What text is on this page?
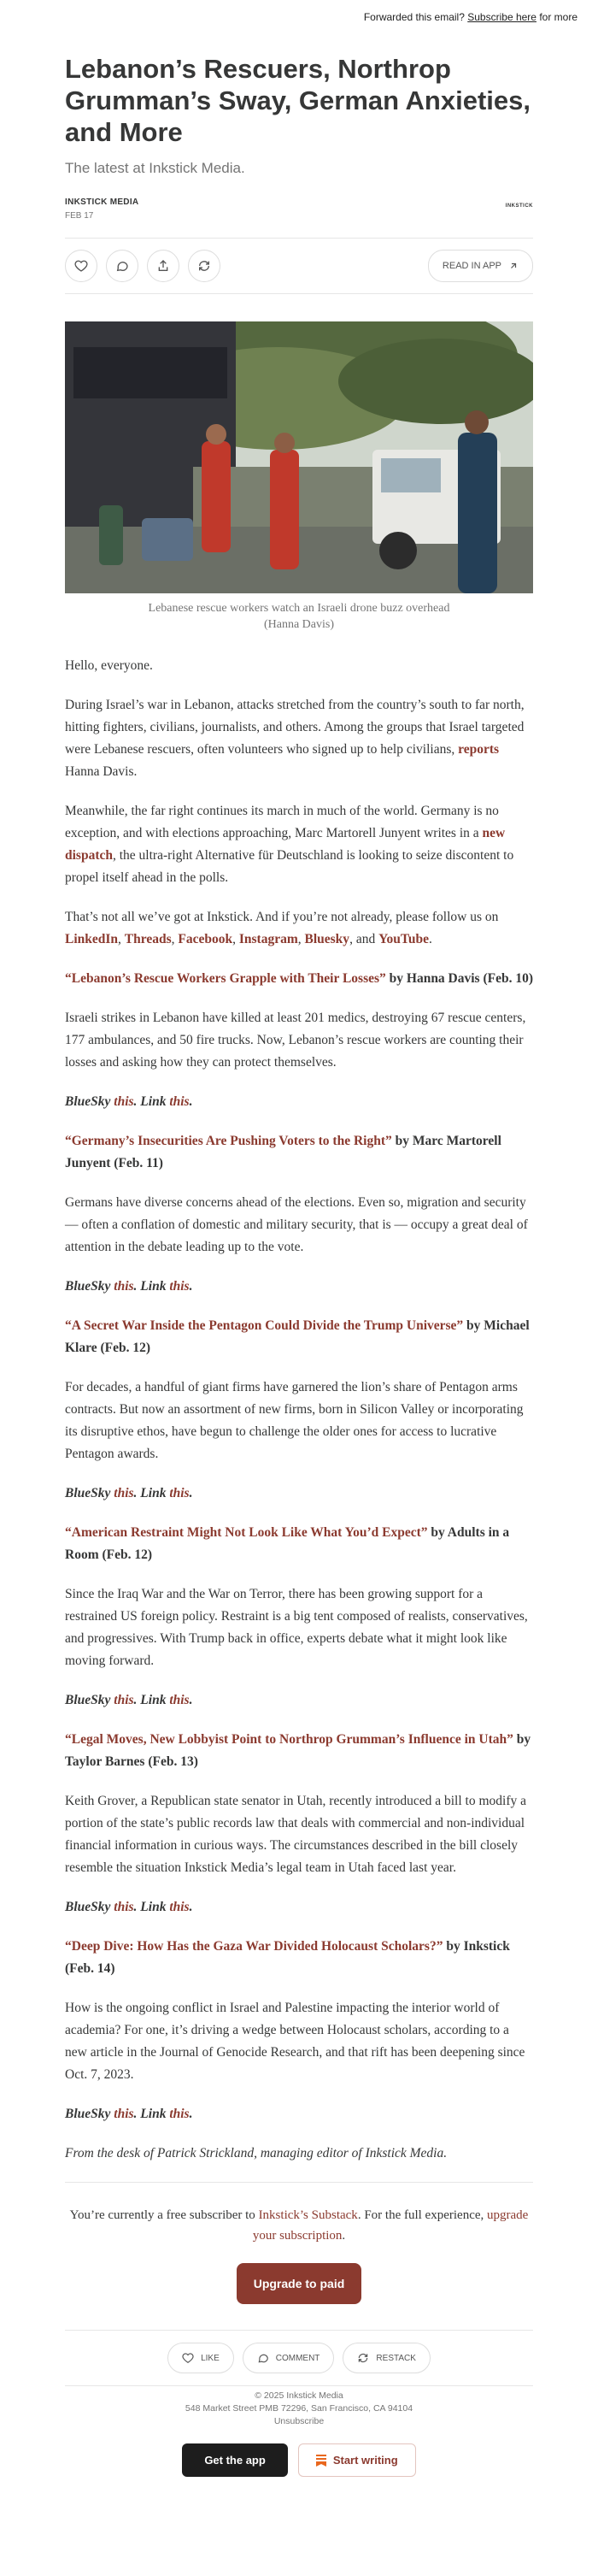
Forwarded this email? Subscribe here for more
Lebanon’s Rescuers, Northrop Grumman’s Sway, German Anxieties, and More
The latest at Inkstick Media.
INKSTICK MEDIA
FEB 17
INKSTICK
READ IN APP
Lebanese rescue workers watch an Israeli drone buzz overhead
(Hanna Davis)

Hello, everyone.

During Israel’s war in Lebanon, attacks stretched from the country’s south to far north, hitting fighters, civilians, journalists, and others. Among the groups that Israel targeted were Lebanese rescuers, often volunteers who signed up to help civilians, reports Hanna Davis.

Meanwhile, the far right continues its march in much of the world. Germany is no exception, and with elections approaching, Marc Martorell Junyent writes in a new dispatch, the ultra-right Alternative für Deutschland is looking to seize discontent to propel itself ahead in the polls.

That’s not all we’ve got at Inkstick. And if you’re not already, please follow us on LinkedIn, Threads, Facebook, Instagram, Bluesky, and YouTube.

“Lebanon’s Rescue Workers Grapple with Their Losses” by Hanna Davis (Feb. 10)

Israeli strikes in Lebanon have killed at least 201 medics, destroying 67 rescue centers, 177 ambulances, and 50 fire trucks. Now, Lebanon’s rescue workers are counting their losses and asking how they can protect themselves.

BlueSky this. Link this.

“Germany’s Insecurities Are Pushing Voters to the Right” by Marc Martorell Junyent (Feb. 11)

Germans have diverse concerns ahead of the elections. Even so, migration and security — often a conflation of domestic and military security, that is — occupy a great deal of attention in the debate leading up to the vote.

BlueSky this. Link this.

“A Secret War Inside the Pentagon Could Divide the Trump Universe” by Michael Klare (Feb. 12)

For decades, a handful of giant firms have garnered the lion’s share of Pentagon arms contracts. But now an assortment of new firms, born in Silicon Valley or incorporating its disruptive ethos, have begun to challenge the older ones for access to lucrative Pentagon awards.

BlueSky this. Link this.

“American Restraint Might Not Look Like What You’d Expect” by Adults in a Room (Feb. 12)

Since the Iraq War and the War on Terror, there has been growing support for a restrained US foreign policy. Restraint is a big tent composed of realists, conservatives, and progressives. With Trump back in office, experts debate what it might look like moving forward.

BlueSky this. Link this.

“Legal Moves, New Lobbyist Point to Northrop Grumman’s Influence in Utah” by Taylor Barnes (Feb. 13)

Keith Grover, a Republican state senator in Utah, recently introduced a bill to modify a portion of the state’s public records law that deals with commercial and non-individual financial information in curious ways. The circumstances described in the bill closely resemble the situation Inkstick Media’s legal team in Utah faced last year.

BlueSky this. Link this.

“Deep Dive: How Has the Gaza War Divided Holocaust Scholars?” by Inkstick (Feb. 14)

How is the ongoing conflict in Israel and Palestine impacting the interior world of academia? For one, it’s driving a wedge between Holocaust scholars, according to a new article in the Journal of Genocide Research, and that rift has been deepening since Oct. 7, 2023.

BlueSky this. Link this.

From the desk of Patrick Strickland, managing editor of Inkstick Media.

You’re currently a free subscriber to Inkstick’s Substack. For the full experience, upgrade your subscription.
Upgrade to paid
LIKE	COMMENT	RESTACK
© 2025 Inkstick Media
548 Market Street PMB 72296, San Francisco, CA 94104
Unsubscribe
Get the app	Start writing
